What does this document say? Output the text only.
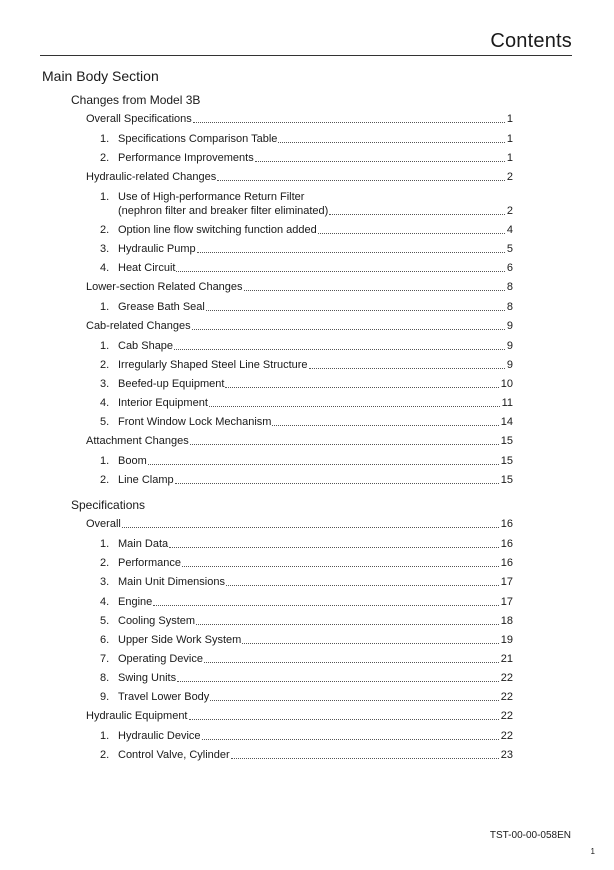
Contents
Main Body Section
Changes from Model 3B
Overall Specifications	1
1. Specifications Comparison Table	1
2. Performance Improvements	1
Hydraulic-related Changes	2
1. Use of High-performance Return Filter
(nephron filter and breaker filter eliminated)	2
2. Option line flow switching function added	4
3. Hydraulic Pump	5
4. Heat Circuit	6
Lower-section Related Changes	8
1. Grease Bath Seal	8
Cab-related Changes	9
1. Cab Shape	9
2. Irregularly Shaped Steel Line Structure	9
3. Beefed-up Equipment	10
4. Interior Equipment	11
5. Front Window Lock Mechanism	14
Attachment Changes	15
1. Boom	15
2. Line Clamp	15
Specifications
Overall	16
1. Main Data	16
2. Performance	16
3. Main Unit Dimensions	17
4. Engine	17
5. Cooling System	18
6. Upper Side Work System	19
7. Operating Device	21
8. Swing Units	22
9. Travel Lower Body	22
Hydraulic Equipment	22
1. Hydraulic Device	22
2. Control Valve, Cylinder	23
TST-00-00-058EN
1
